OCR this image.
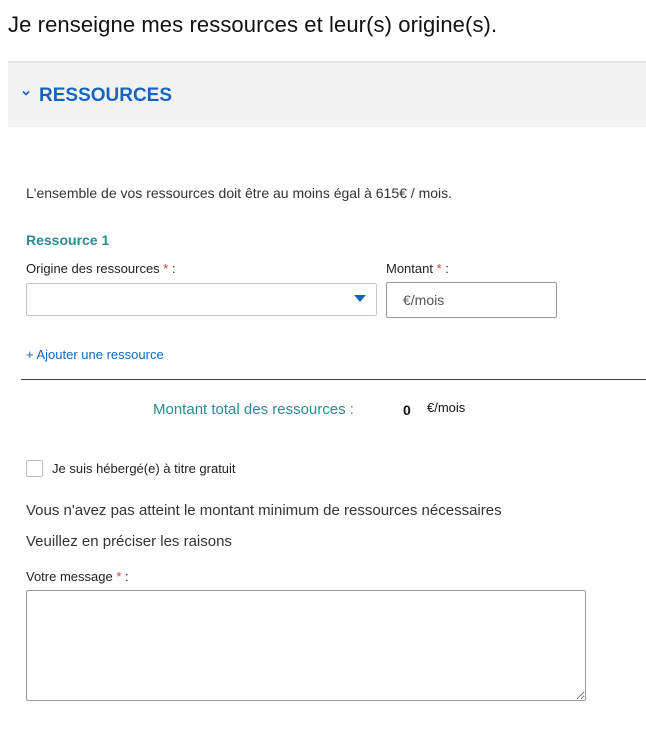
Je renseigne mes ressources et leur(s) origine(s).
RESSOURCES
L'ensemble de vos ressources doit être au moins égal à 615€ / mois.
Ressource 1
Origine des ressources * :	Montant * :
€/mois
+ Ajouter une ressource
Montant total des ressources :	0 €/mois
Je suis hébergé(e) à titre gratuit
Vous n'avez pas atteint le montant minimum de ressources nécessaires
Veuillez en préciser les raisons
Votre message * :
